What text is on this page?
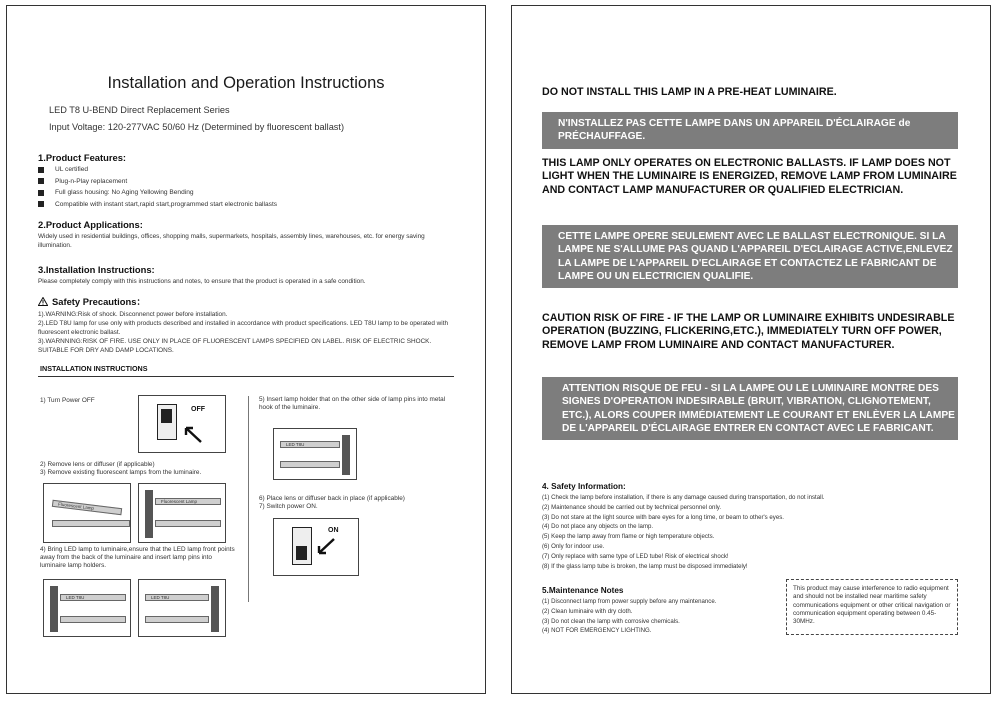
Installation and Operation Instructions
LED T8 U-BEND Direct Replacement Series
Input Voltage: 120-277VAC 50/60 Hz (Determined by fluorescent ballast)
1.Product Features:
UL certified
Plug-n-Play replacement
Full glass housing: No Aging Yellowing Bending
Compatible with instant start,rapid start,programmed start electronic ballasts
2.Product Applications:
Widely used in residential buildings, offices, shopping malls, supermarkets, hospitals, assembly lines, warehouses, etc. for energy saving illumination.
3.Installation Instructions:
Please completely comply with this instructions and notes, to ensure that the product is operated in a safe condition.
Safety Precautions：
1).WARNING:Risk of shock. Disconnenct power before installation.
2).LED T8U lamp for use only with products described and installed in accordance with product specifications. LED T8U lamp to be operated with fluorescent electronic ballast.
3).WARNNING:RISK OF FIRE. USE ONLY IN PLACE OF FLUORESCENT LAMPS SPECIFIED ON LABEL. RISK OF ELECTRIC SHOCK. SUITABLE FOR DRY AND DAMP LOCATIONS.
INSTALLATION INSTRUCTIONS
1) Turn Power OFF
OFF
2) Remove lens or diffuser (if applicable)
3) Remove existing fluorescent lamps from the luminaire.
Fluorescent Lamp	Fluorescent Lamp
4) Bring LED lamp to luminaire,ensure that the LED lamp front points away from the back of the luminaire and insert lamp pins into luminaire lamp holders.
LED T8U	LED T8U
5) Insert lamp holder that on the other side of lamp pins into metal hook of the luminaire.
LED T8U
6) Place lens or diffuser back in place (if applicable)
7) Switch power ON.
ON
DO NOT INSTALL THIS LAMP IN A PRE-HEAT LUMINAIRE.
N'INSTALLEZ PAS CETTE LAMPE DANS UN APPAREIL D'ÉCLAIRAGE de PRÉCHAUFFAGE.
THIS LAMP ONLY OPERATES ON ELECTRONIC BALLASTS. IF LAMP DOES NOT LIGHT WHEN THE LUMINAIRE IS ENERGIZED, REMOVE LAMP FROM LUMINAIRE AND CONTACT LAMP MANUFACTURER OR QUALIFIED ELECTRICIAN.
CETTE LAMPE OPERE SEULEMENT AVEC LE BALLAST ELECTRONIQUE. SI LA LAMPE NE S'ALLUME PAS QUAND L'APPAREIL D'ECLAIRAGE ACTIVE,ENLEVEZ LA LAMPE DE L'APPAREIL D'ECLAIRAGE ET CONTACTEZ LE FABRICANT DE LAMPE OU UN ELECTRICIEN QUALIFIE.
CAUTION RISK OF FIRE - IF THE LAMP OR LUMINAIRE EXHIBITS UNDESIRABLE OPERATION (BUZZING, FLICKERING,ETC.), IMMEDIATELY TURN OFF POWER, REMOVE LAMP FROM LUMINAIRE AND CONTACT MANUFACTURER.
ATTENTION RISQUE DE FEU - SI LA LAMPE OU LE LUMINAIRE MONTRE DES SIGNES D'OPERATION INDESIRABLE (BRUIT, VIBRATION, CLIGNOTEMENT, ETC.), ALORS COUPER IMMÉDIATEMENT LE COURANT ET ENLÈVER LA LAMPE DE L'APPAREIL D'ÉCLAIRAGE ENTRER EN CONTACT AVEC LE FABRICANT.
4. Safety Information:
(1) Check the lamp before installation, if there is any damage caused during transportation, do not install.
(2) Maintenance should be carried out by technical personnel only.
(3) Do not stare at the light source with bare eyes for a long time, or beam to other's eyes.
(4) Do not place any objects on the lamp.
(5) Keep the lamp away from flame or high temperature objects.
(6) Only for indoor use.
(7) Only replace with same type of LED tube! Risk of electrical shock!
(8) If the glass lamp tube is broken, the lamp must be disposed immediately!
5.Maintenance Notes
(1) Disconnect lamp from power supply before any maintenance.
(2) Clean luminaire with dry cloth.
(3) Do not clean the lamp with corrosive chemicals.
(4) NOT FOR EMERGENCY LIGHTING.
This product may cause interference to radio equipment and should not be installed near maritime safety communications equipment or other critical navigation or communication equipment operating between 0.45-30MHz.
